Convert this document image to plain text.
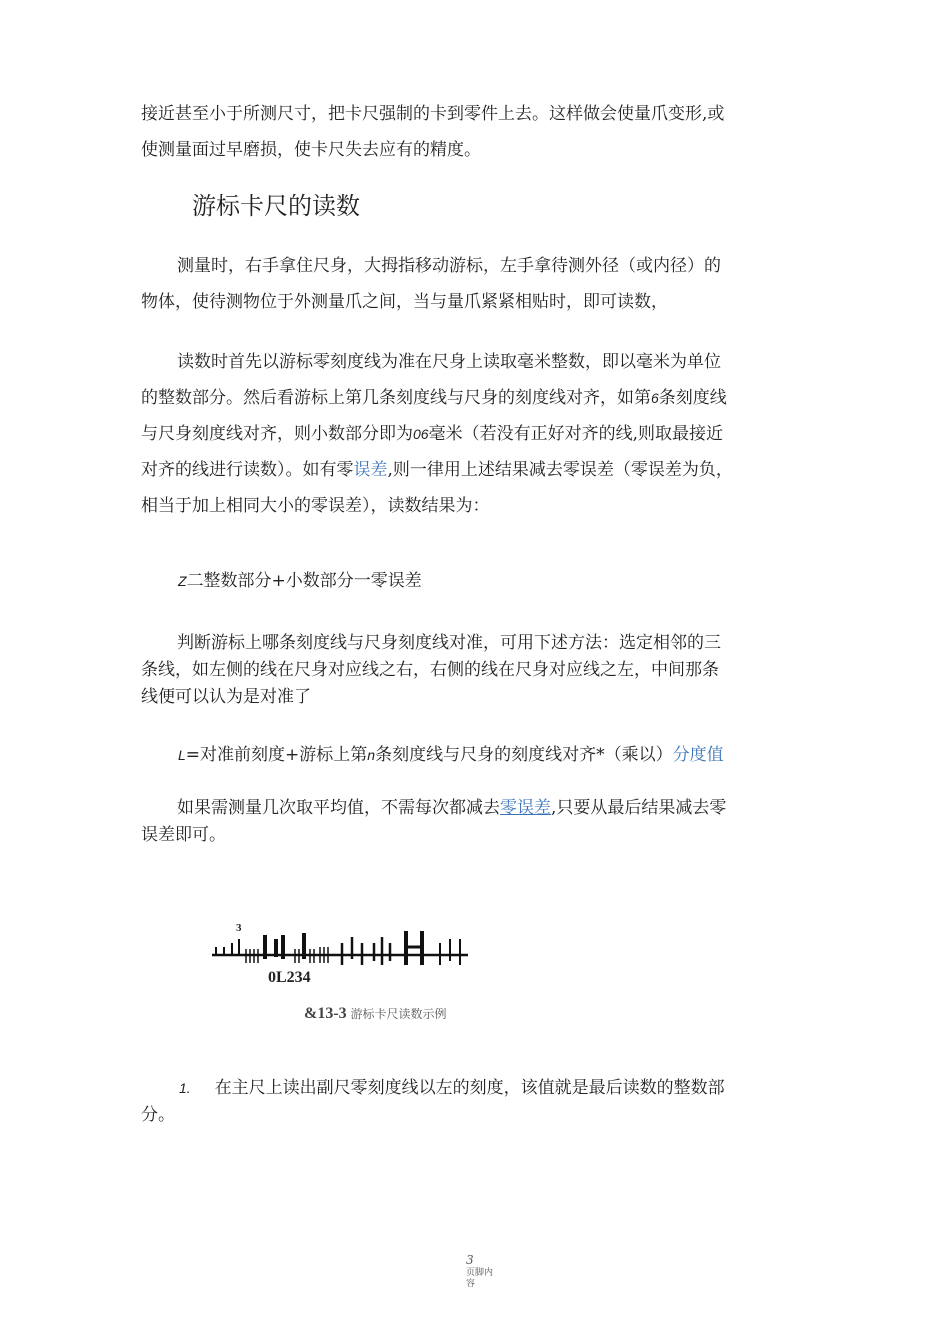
接近甚至小于所测尺寸，把卡尺强制的卡到零件上去。这样做会使量爪变形,或
使测量面过早磨损，使卡尺失去应有的精度。

游标卡尺的读数

测量时，右手拿住尺身，大拇指移动游标，左手拿待测外径（或内径）的
物体，使待测物位于外测量爪之间，当与量爪紧紧相贴时，即可读数，

读数时首先以游标零刻度线为准在尺身上读取毫米整数，即以毫米为单位
的整数部分。然后看游标上第几条刻度线与尺身的刻度线对齐，如第6条刻度线
与尺身刻度线对齐，则小数部分即为06毫米（若没有正好对齐的线,则取最接近
对齐的线进行读数）。如有零误差,则一律用上述结果减去零误差（零误差为负，
相当于加上相同大小的零误差），读数结果为：

Z二整数部分+小数部分一零误差

判断游标上哪条刻度线与尺身刻度线对准，可用下述方法：选定相邻的三
条线，如左侧的线在尺身对应线之右，右侧的线在尺身对应线之左，中间那条
线便可以认为是对准了

L=对准前刻度+游标上第n条刻度线与尺身的刻度线对齐*（乘以）分度值

如果需测量几次取平均值，不需每次都减去零误差,只要从最后结果减去零
误差即可。

3
0L234
&13-3 游标卡尺读数示例

1. 在主尺上读出副尺零刻度线以左的刻度，该值就是最后读数的整数部
分。

3
页脚内
容
